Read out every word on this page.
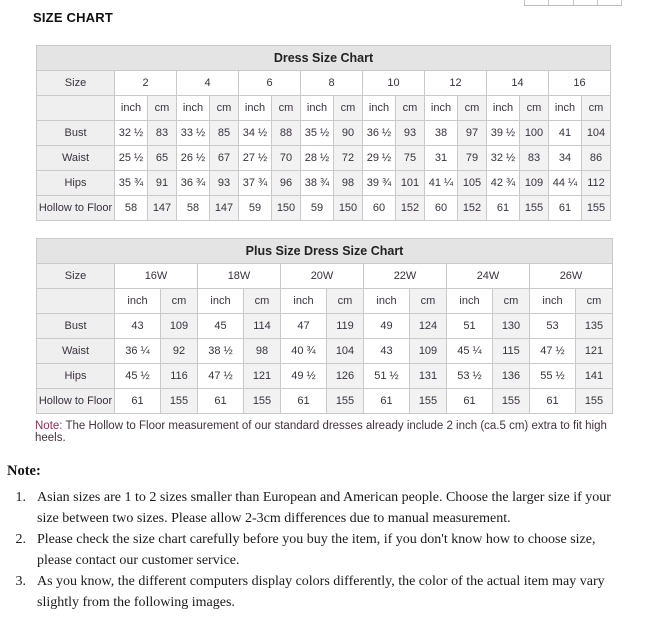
SIZE CHART
Dress Size Chart																
Size	2		4		6		8		10		12		14		16	
	inch	cm	inch	cm	inch	cm	inch	cm	inch	cm	inch	cm	inch	cm	inch	cm
Bust	32 ½	83	33 ½	85	34 ½	88	35 ½	90	36 ½	93	38	97	39 ½	100	41	104
Waist	25 ½	65	26 ½	67	27 ½	70	28 ½	72	29 ½	75	31	79	32 ½	83	34	86
Hips	35 ¾	91	36 ¾	93	37 ¾	96	38 ¾	98	39 ¾	101	41 ¼	105	42 ¾	109	44 ¼	112
Hollow to Floor	58	147	58	147	59	150	59	150	60	152	60	152	61	155	61	155
Plus Size Dress Size Chart												
Size	16W		18W		20W		22W		24W		26W	
	inch	cm	inch	cm	inch	cm	inch	cm	inch	cm	inch	cm
Bust	43	109	45	114	47	119	49	124	51	130	53	135
Waist	36 ¼	92	38 ½	98	40 ¾	104	43	109	45 ¼	115	47 ½	121
Hips	45 ½	116	47 ½	121	49 ½	126	51 ½	131	53 ½	136	55 ½	141
Hollow to Floor	61	155	61	155	61	155	61	155	61	155	61	155
Note: The Hollow to Floor measurement of our standard dresses already include 2 inch (ca.5 cm) extra to fit high heels.
Note:
1. Asian sizes are 1 to 2 sizes smaller than European and American people. Choose the larger size if your size between two sizes. Please allow 2-3cm differences due to manual measurement.
2. Please check the size chart carefully before you buy the item, if you don't know how to choose size, please contact our customer service.
3. As you know, the different computers display colors differently, the color of the actual item may vary slightly from the following images.
